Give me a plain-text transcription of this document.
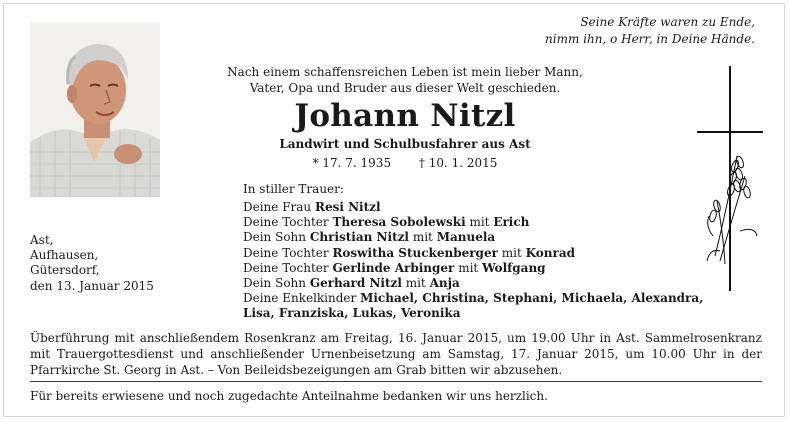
Seine Kräfte waren zu Ende,
nimm ihn, o Herr, in Deine Hände.
Nach einem schaffensreichen Leben ist mein lieber Mann,
Vater, Opa und Bruder aus dieser Welt geschieden.
Johann Nitzl
Landwirt und Schulbusfahrer aus Ast
* 17. 7. 1935 † 10. 1. 2015
In stiller Trauer:
Deine Frau Resi Nitzl
Deine Tochter Theresa Sobolewski mit Erich
Dein Sohn Christian Nitzl mit Manuela
Deine Tochter Roswitha Stuckenberger mit Konrad
Deine Tochter Gerlinde Arbinger mit Wolfgang
Dein Sohn Gerhard Nitzl mit Anja
Deine Enkelkinder Michael, Christina, Stephani, Michaela, Alexandra,
Lisa, Franziska, Lukas, Veronika
Ast,
Aufhausen,
Gütersdorf,
den 13. Januar 2015
Überführung mit anschließendem Rosenkranz am Freitag, 16. Januar 2015, um 19.00 Uhr in Ast. Sammelrosenkranz mit Trauergottesdienst und anschließender Urnenbeisetzung am Samstag, 17. Januar 2015, um 10.00 Uhr in der Pfarrkirche St. Georg in Ast. – Von Beileidsbezeigungen am Grab bitten wir abzusehen.
Für bereits erwiesene und noch zugedachte Anteilnahme bedanken wir uns herzlich.
